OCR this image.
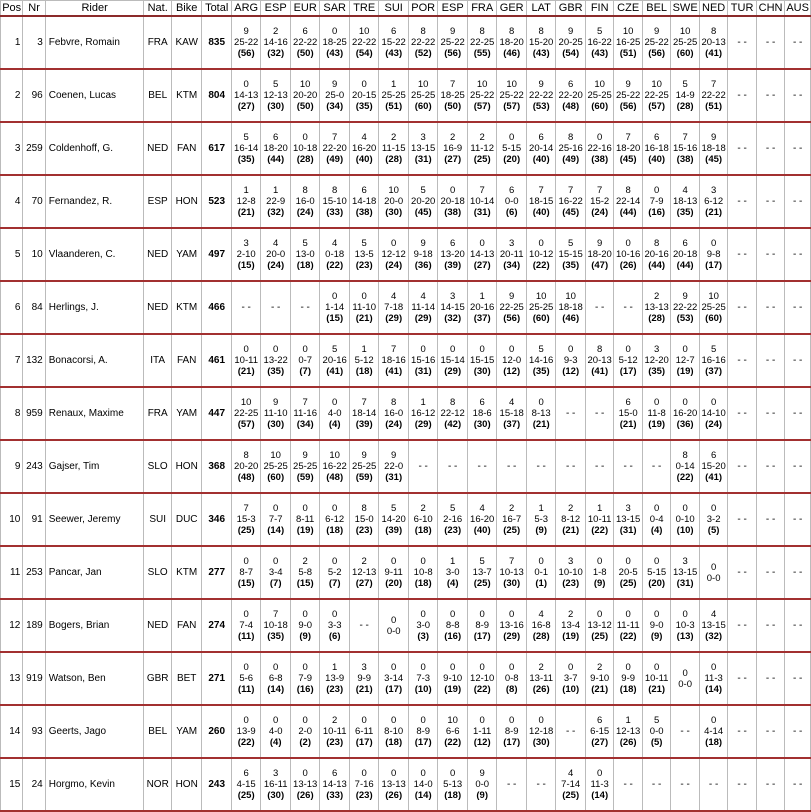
Pos	Nr	Rider	Nat.	Bike	Total	ARG	ESP	EUR	SAR	TRE	SUI	POR	ESP	FRA	GER	LAT	GBR	FIN	CZE	BEL	SWE	NED	TUR	CHN	AUS
1	3	Febvre, Romain	FRA	KAW	835	9
25-22
(56)	2
14-16
(32)	6
22-22
(50)	0
18-25
(43)	10
22-22
(54)	6
15-22
(43)	8
22-22
(52)	9
25-22
(56)	8
22-25
(55)	8
18-20
(46)	8
15-20
(43)	9
20-25
(54)	5
16-22
(43)	10
16-25
(51)	9
25-22
(56)	10
25-25
(60)	8
20-13
(41)	- -	- -	- -
2	96	Coenen, Lucas	BEL	KTM	804	0
14-13
(27)	5
12-13
(30)	10
20-20
(50)	9
25-0
(34)	0
20-15
(35)	1
25-25
(51)	10
25-25
(60)	7
18-25
(50)	10
25-22
(57)	10
25-22
(57)	9
22-22
(53)	6
22-20
(48)	10
25-25
(60)	9
25-22
(56)	10
22-25
(57)	5
14-9
(28)	7
22-22
(51)	- -	- -	- -
3	259	Coldenhoff, G.	NED	FAN	617	5
16-14
(35)	6
18-20
(44)	0
10-18
(28)	7
22-20
(49)	4
16-20
(40)	2
11-15
(28)	3
13-15
(31)	2
16-9
(27)	2
11-12
(25)	0
5-15
(20)	6
20-14
(40)	8
25-16
(49)	0
22-16
(38)	7
18-20
(45)	6
16-18
(40)	7
15-16
(38)	9
18-18
(45)	- -	- -	- -
4	70	Fernandez, R.	ESP	HON	523	1
12-8
(21)	1
22-9
(32)	8
16-0
(24)	8
15-10
(33)	6
14-18
(38)	10
20-0
(30)	5
20-20
(45)	0
20-18
(38)	7
10-14
(31)	6
0-0
(6)	7
18-15
(40)	7
16-22
(45)	7
15-2
(24)	8
22-14
(44)	0
7-9
(16)	4
18-13
(35)	3
6-12
(21)	- -	- -	- -
5	10	Vlaanderen, C.	NED	YAM	497	3
2-10
(15)	4
20-0
(24)	5
13-0
(18)	4
0-18
(22)	5
13-5
(23)	0
12-12
(24)	9
9-18
(36)	6
13-20
(39)	0
14-13
(27)	3
20-11
(34)	0
10-12
(22)	5
15-15
(35)	9
18-20
(47)	0
10-16
(26)	8
20-16
(44)	6
20-18
(44)	0
9-8
(17)	- -	- -	- -
6	84	Herlings, J.	NED	KTM	466	- -	- -	- -	0
1-14
(15)	0
11-10
(21)	4
7-18
(29)	4
11-14
(29)	3
14-15
(32)	1
20-16
(37)	9
22-25
(56)	10
25-25
(60)	10
18-18
(46)	- -	- -	2
13-13
(28)	9
22-22
(53)	10
25-25
(60)	- -	- -	- -
7	132	Bonacorsi, A.	ITA	FAN	461	0
10-11
(21)	0
13-22
(35)	0
0-7
(7)	5
20-16
(41)	1
5-12
(18)	7
18-16
(41)	0
15-16
(31)	0
15-14
(29)	0
15-15
(30)	0
12-0
(12)	5
14-16
(35)	0
9-3
(12)	8
20-13
(41)	0
5-12
(17)	3
12-20
(35)	0
12-7
(19)	5
16-16
(37)	- -	- -	- -
8	959	Renaux, Maxime	FRA	YAM	447	10
22-25
(57)	9
11-10
(30)	7
11-16
(34)	0
4-0
(4)	7
18-14
(39)	8
16-0
(24)	1
16-12
(29)	8
22-12
(42)	6
18-6
(30)	4
15-18
(37)	0
8-13
(21)	- -	- -	6
15-0
(21)	0
11-8
(19)	0
16-20
(36)	0
14-10
(24)	- -	- -	- -
9	243	Gajser, Tim	SLO	HON	368	8
20-20
(48)	10
25-25
(60)	9
25-25
(59)	10
16-22
(48)	9
25-25
(59)	9
22-0
(31)	- -	- -	- -	- -	- -	- -	- -	- -	- -	8
0-14
(22)	6
15-20
(41)	- -	- -	- -
10	91	Seewer, Jeremy	SUI	DUC	346	7
15-3
(25)	0
7-7
(14)	0
8-11
(19)	0
6-12
(18)	8
15-0
(23)	5
14-20
(39)	2
6-10
(18)	5
2-16
(23)	4
16-20
(40)	2
16-7
(25)	1
5-3
(9)	2
8-12
(21)	1
10-11
(22)	3
13-15
(31)	0
0-4
(4)	0
0-10
(10)	0
3-2
(5)	- -	- -	- -
11	253	Pancar, Jan	SLO	KTM	277	0
8-7
(15)	0
3-4
(7)	2
5-8
(15)	0
5-2
(7)	2
12-13
(27)	0
9-11
(20)	0
10-8
(18)	1
3-0
(4)	5
13-7
(25)	7
10-13
(30)	0
0-1
(1)	3
10-10
(23)	0
1-8
(9)	0
20-5
(25)	0
5-15
(20)	3
13-15
(31)	0
0-0	- -	- -	- -
12	189	Bogers, Brian	NED	FAN	274	0
7-4
(11)	7
10-18
(35)	0
9-0
(9)	0
3-3
(6)	- -	0
0-0	0
3-0
(3)	0
8-8
(16)	0
8-9
(17)	0
13-16
(29)	4
16-8
(28)	2
13-4
(19)	0
13-12
(25)	0
11-11
(22)	0
9-0
(9)	0
10-3
(13)	4
13-15
(32)	- -	- -	- -
13	919	Watson, Ben	GBR	BET	271	0
5-6
(11)	0
6-8
(14)	0
7-9
(16)	1
13-9
(23)	3
9-9
(21)	0
3-14
(17)	0
7-3
(10)	0
9-10
(19)	0
12-10
(22)	0
0-8
(8)	2
13-11
(26)	0
3-7
(10)	2
9-10
(21)	0
9-9
(18)	0
10-11
(21)	0
0-0	0
11-3
(14)	- -	- -	- -
14	93	Geerts, Jago	BEL	YAM	260	0
13-9
(22)	0
4-0
(4)	0
2-0
(2)	2
10-11
(23)	0
6-11
(17)	0
8-10
(18)	0
8-9
(17)	10
6-6
(22)	0
1-11
(12)	0
8-9
(17)	0
12-18
(30)	- -	6
6-15
(27)	1
12-13
(26)	5
0-0
(5)	- -	0
4-14
(18)	- -	- -	- -
15	24	Horgmo, Kevin	NOR	HON	243	6
4-15
(25)	3
16-11
(30)	0
13-13
(26)	6
14-13
(33)	0
7-16
(23)	0
13-13
(26)	0
14-0
(14)	0
5-13
(18)	9
0-0
(9)	- -	- -	4
7-14
(25)	0
11-3
(14)	- -	- -	- -	- -	- -	- -	- -
